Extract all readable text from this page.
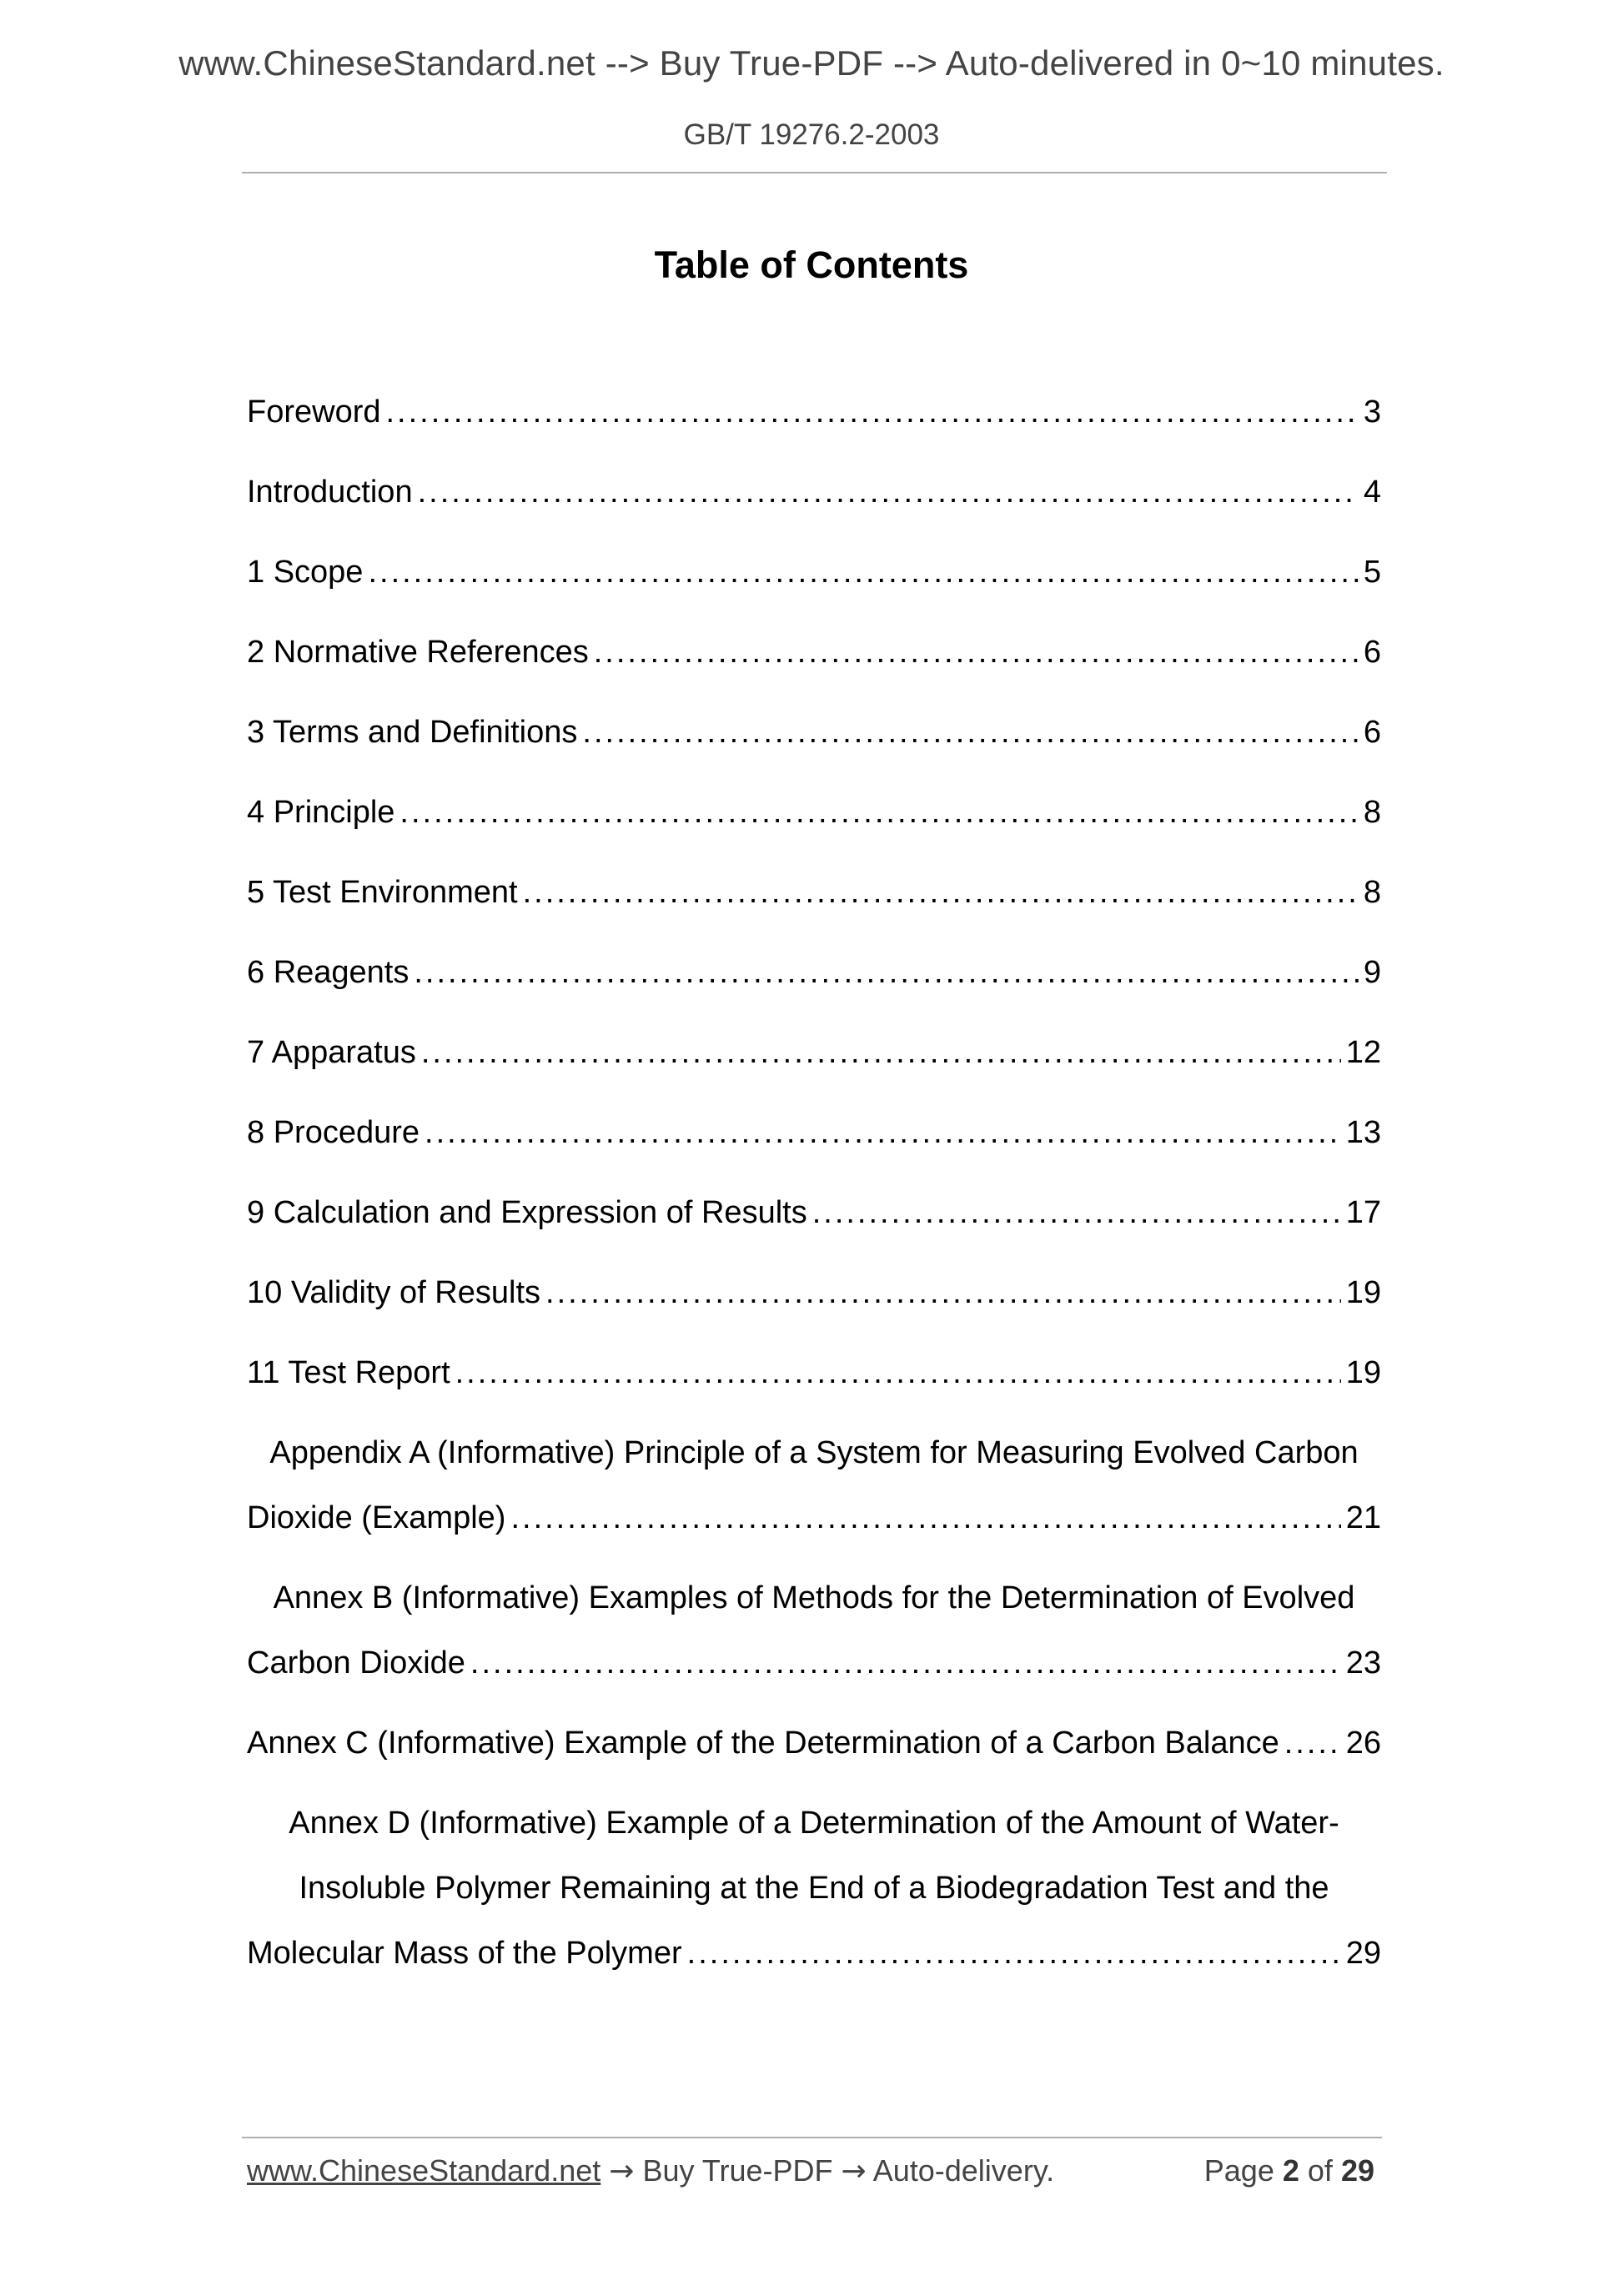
www.ChineseStandard.net --> Buy True-PDF --> Auto-delivered in 0~10 minutes.
GB/T 19276.2-2003
Table of Contents
Foreword .....	3
Introduction .....	4
1 Scope .....	5
2 Normative References .....	6
3 Terms and Definitions .....	6
4 Principle .....	8
5 Test Environment .....	8
6 Reagents .....	9
7 Apparatus .....	12
8 Procedure .....	13
9 Calculation and Expression of Results .....	17
10 Validity of Results .....	19
11 Test Report .....	19
Appendix A (Informative) Principle of a System for Measuring Evolved Carbon
Dioxide (Example) .....	21
Annex B (Informative) Examples of Methods for the Determination of Evolved
Carbon Dioxide .....	23
Annex C (Informative) Example of the Determination of a Carbon Balance ..... 26
Annex D (Informative) Example of a Determination of the Amount of Water-
Insoluble Polymer Remaining at the End of a Biodegradation Test and the
Molecular Mass of the Polymer .....	29
www.ChineseStandard.net → Buy True-PDF → Auto-delivery.	Page 2 of 29
